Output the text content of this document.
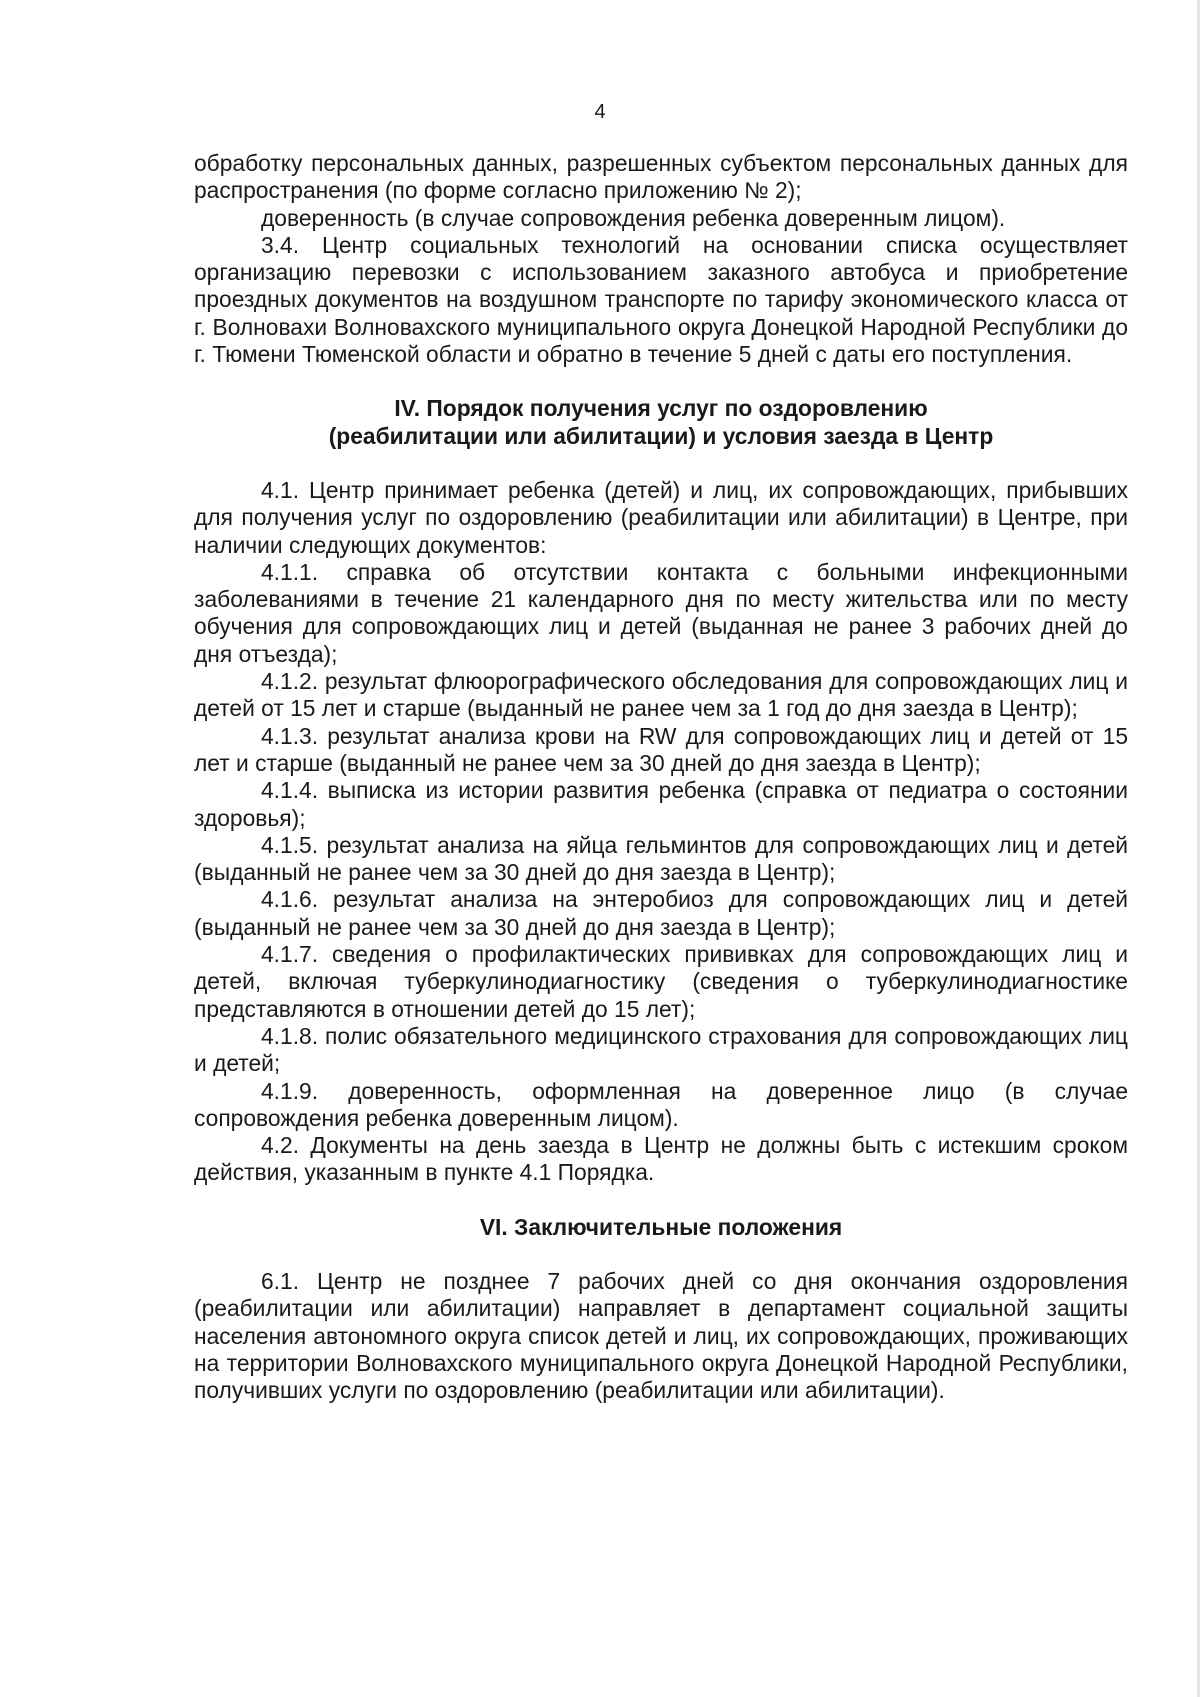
4

обработку персональных данных, разрешенных субъектом персональных данных для распространения (по форме согласно приложению № 2);

доверенность (в случае сопровождения ребенка доверенным лицом).

3.4. Центр социальных технологий на основании списка осуществляет организацию перевозки с использованием заказного автобуса и приобретение проездных документов на воздушном транспорте по тарифу экономического класса от г. Волновахи Волновахского муниципального округа Донецкой Народной Республики до г. Тюмени Тюменской области и обратно в течение 5 дней с даты его поступления.

IV. Порядок получения услуг по оздоровлению
(реабилитации или абилитации) и условия заезда в Центр

4.1. Центр принимает ребенка (детей) и лиц, их сопровождающих, прибывших для получения услуг по оздоровлению (реабилитации или абилитации) в Центре, при наличии следующих документов:

4.1.1. справка об отсутствии контакта с больными инфекционными заболеваниями в течение 21 календарного дня по месту жительства или по месту обучения для сопровождающих лиц и детей (выданная не ранее 3 рабочих дней до дня отъезда);

4.1.2. результат флюорографического обследования для сопровождающих лиц и детей от 15 лет и старше (выданный не ранее чем за 1 год до дня заезда в Центр);

4.1.3. результат анализа крови на RW для сопровождающих лиц и детей от 15 лет и старше (выданный не ранее чем за 30 дней до дня заезда в Центр);

4.1.4. выписка из истории развития ребенка (справка от педиатра о состоянии здоровья);

4.1.5. результат анализа на яйца гельминтов для сопровождающих лиц и детей (выданный не ранее чем за 30 дней до дня заезда в Центр);

4.1.6. результат анализа на энтеробиоз для сопровождающих лиц и детей (выданный не ранее чем за 30 дней до дня заезда в Центр);

4.1.7. сведения о профилактических прививках для сопровождающих лиц и детей, включая туберкулинодиагностику (сведения о туберкулинодиагностике представляются в отношении детей до 15 лет);

4.1.8. полис обязательного медицинского страхования для сопровождающих лиц и детей;

4.1.9. доверенность, оформленная на доверенное лицо (в случае сопровождения ребенка доверенным лицом).

4.2. Документы на день заезда в Центр не должны быть с истекшим сроком действия, указанным в пункте 4.1 Порядка.

VI. Заключительные положения

6.1. Центр не позднее 7 рабочих дней со дня окончания оздоровления (реабилитации или абилитации) направляет в департамент социальной защиты населения автономного округа список детей и лиц, их сопровождающих, проживающих на территории Волновахского муниципального округа Донецкой Народной Республики, получивших услуги по оздоровлению (реабилитации или абилитации).
